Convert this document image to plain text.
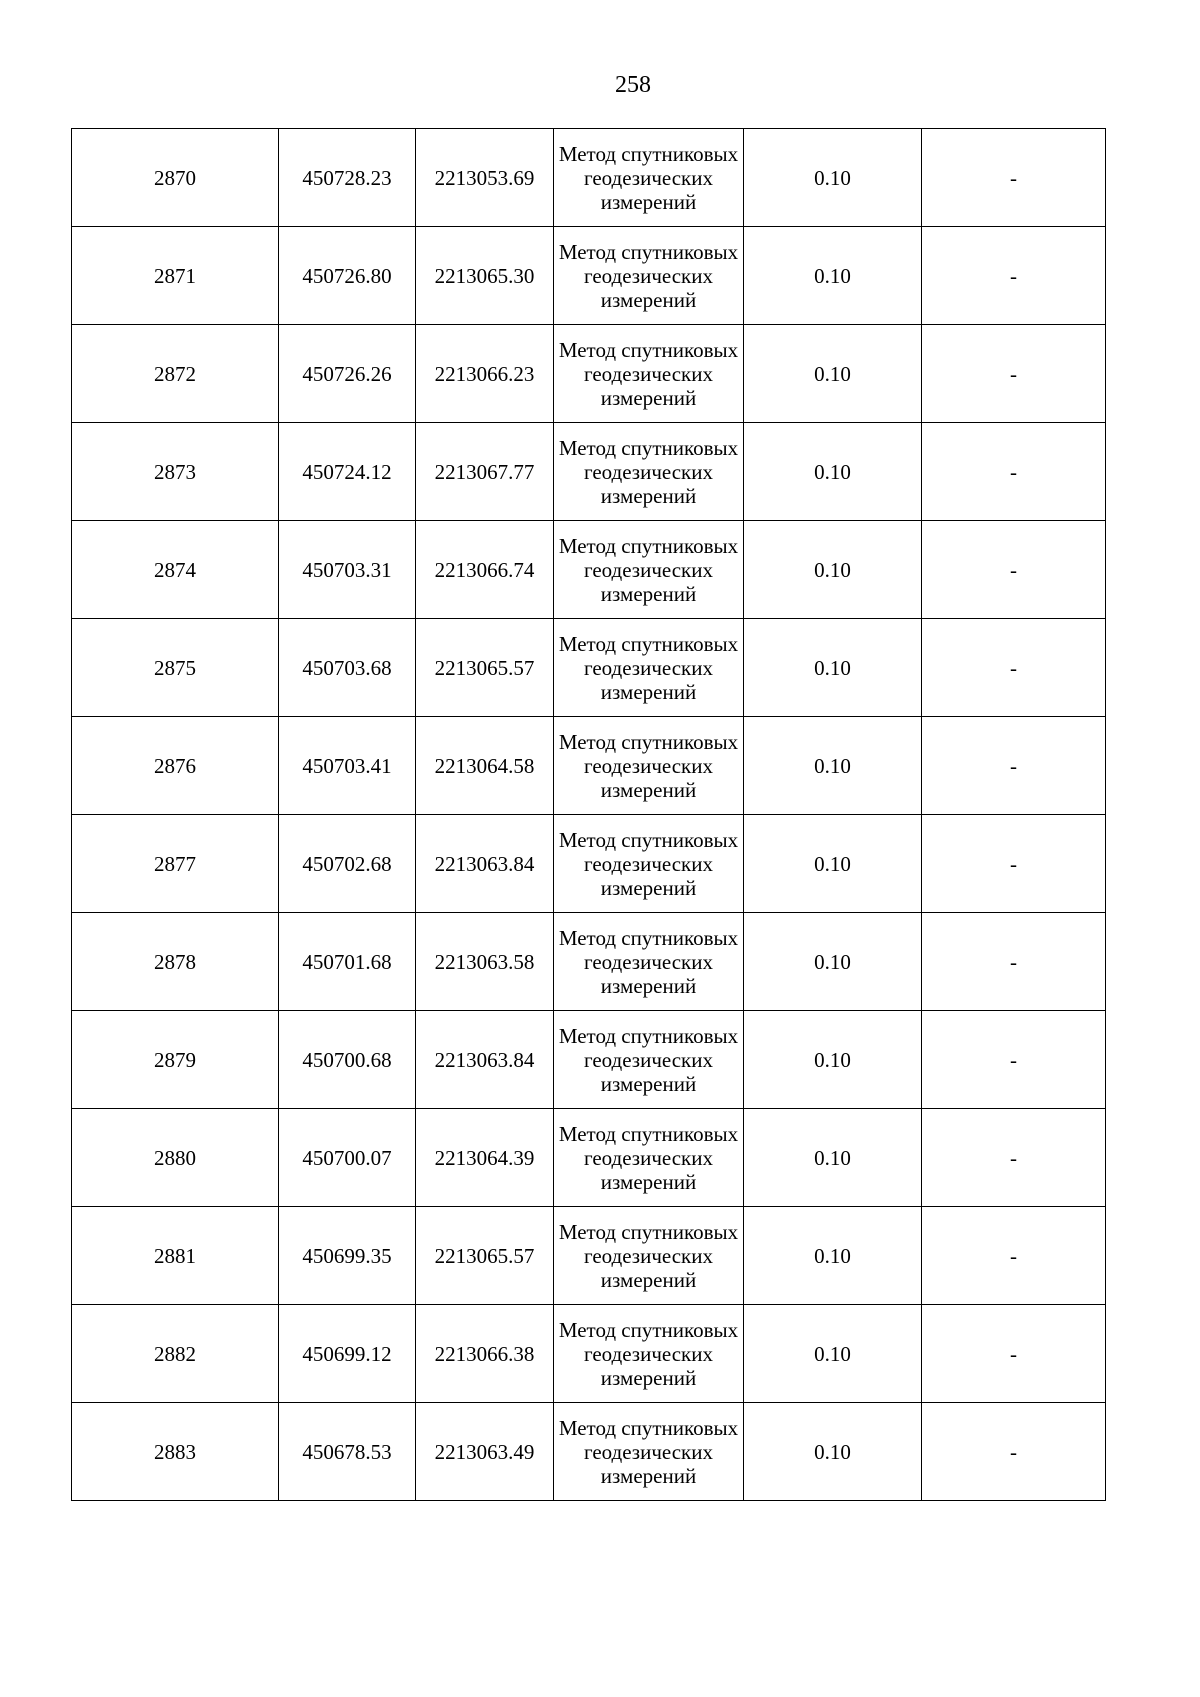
258
2870	450728.23	2213053.69	Метод спутниковых геодезических измерений	0.10	-
2871	450726.80	2213065.30	Метод спутниковых геодезических измерений	0.10	-
2872	450726.26	2213066.23	Метод спутниковых геодезических измерений	0.10	-
2873	450724.12	2213067.77	Метод спутниковых геодезических измерений	0.10	-
2874	450703.31	2213066.74	Метод спутниковых геодезических измерений	0.10	-
2875	450703.68	2213065.57	Метод спутниковых геодезических измерений	0.10	-
2876	450703.41	2213064.58	Метод спутниковых геодезических измерений	0.10	-
2877	450702.68	2213063.84	Метод спутниковых геодезических измерений	0.10	-
2878	450701.68	2213063.58	Метод спутниковых геодезических измерений	0.10	-
2879	450700.68	2213063.84	Метод спутниковых геодезических измерений	0.10	-
2880	450700.07	2213064.39	Метод спутниковых геодезических измерений	0.10	-
2881	450699.35	2213065.57	Метод спутниковых геодезических измерений	0.10	-
2882	450699.12	2213066.38	Метод спутниковых геодезических измерений	0.10	-
2883	450678.53	2213063.49	Метод спутниковых геодезических измерений	0.10	-
